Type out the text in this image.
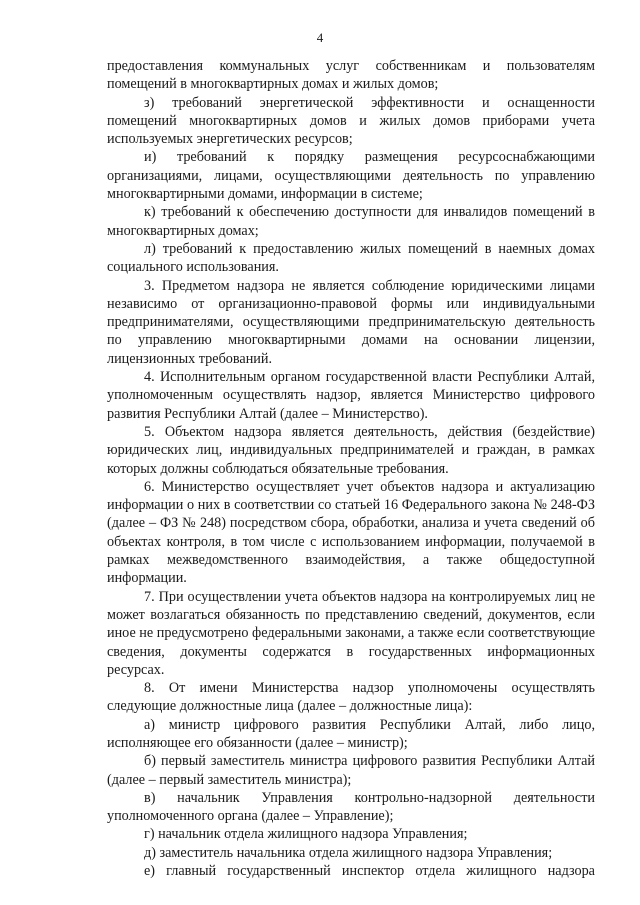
4

предоставления коммунальных услуг собственникам и пользователям помещений в многоквартирных домах и жилых домов;

з) требований энергетической эффективности и оснащенности помещений многоквартирных домов и жилых домов приборами учета используемых энергетических ресурсов;

и) требований к порядку размещения ресурсоснабжающими организациями, лицами, осуществляющими деятельность по управлению многоквартирными домами, информации в системе;

к) требований к обеспечению доступности для инвалидов помещений в многоквартирных домах;

л) требований к предоставлению жилых помещений в наемных домах социального использования.

3. Предметом надзора не является соблюдение юридическими лицами независимо от организационно-правовой формы или индивидуальными предпринимателями, осуществляющими предпринимательскую деятельность по управлению многоквартирными домами на основании лицензии, лицензионных требований.

4. Исполнительным органом государственной власти Республики Алтай, уполномоченным осуществлять надзор, является Министерство цифрового развития Республики Алтай (далее – Министерство).

5. Объектом надзора является деятельность, действия (бездействие) юридических лиц, индивидуальных предпринимателей и граждан, в рамках которых должны соблюдаться обязательные требования.

6. Министерство осуществляет учет объектов надзора и актуализацию информации о них в соответствии со статьей 16 Федерального закона № 248-ФЗ (далее – ФЗ № 248) посредством сбора, обработки, анализа и учета сведений об объектах контроля, в том числе с использованием информации, получаемой в рамках межведомственного взаимодействия, а также общедоступной информации.

7. При осуществлении учета объектов надзора на контролируемых лиц не может возлагаться обязанность по представлению сведений, документов, если иное не предусмотрено федеральными законами, а также если соответствующие сведения, документы содержатся в государственных информационных ресурсах.

8. От имени Министерства надзор уполномочены осуществлять следующие должностные лица (далее – должностные лица):

а) министр цифрового развития Республики Алтай, либо лицо, исполняющее его обязанности (далее – министр);

б) первый заместитель министра цифрового развития Республики Алтай (далее – первый заместитель министра);

в) начальник Управления контрольно-надзорной деятельности уполномоченного органа (далее – Управление);

г) начальник отдела жилищного надзора Управления;

д) заместитель начальника отдела жилищного надзора Управления;

е) главный государственный инспектор отдела жилищного надзора
